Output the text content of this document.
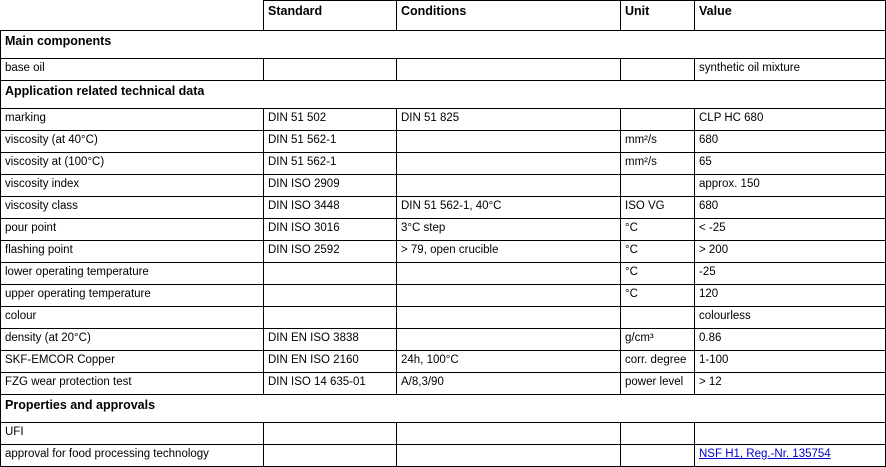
	Standard	Conditions	Unit	Value
Main components				
base oil				synthetic oil mixture
Application related technical data				
marking	DIN 51 502	DIN 51 825		CLP HC 680
viscosity (at 40°C)	DIN 51 562-1		mm²/s	680
viscosity at (100°C)	DIN 51 562-1		mm²/s	65
viscosity index	DIN ISO 2909			approx. 150
viscosity class	DIN ISO 3448	DIN 51 562-1, 40°C	ISO VG	680
pour point	DIN ISO 3016	3°C step	°C	< -25
flashing point	DIN ISO 2592	> 79, open crucible	°C	> 200
lower operating temperature			°C	-25
upper operating temperature			°C	120
colour				colourless
density (at 20°C)	DIN EN ISO 3838		g/cm³	0.86
SKF-EMCOR Copper	DIN EN ISO 2160	24h, 100°C	corr. degree	1-100
FZG wear protection test	DIN ISO 14 635-01	A/8,3/90	power level	> 12
Properties and approvals				
UFI				
approval for food processing technology				NSF H1, Reg.-Nr. 135754
